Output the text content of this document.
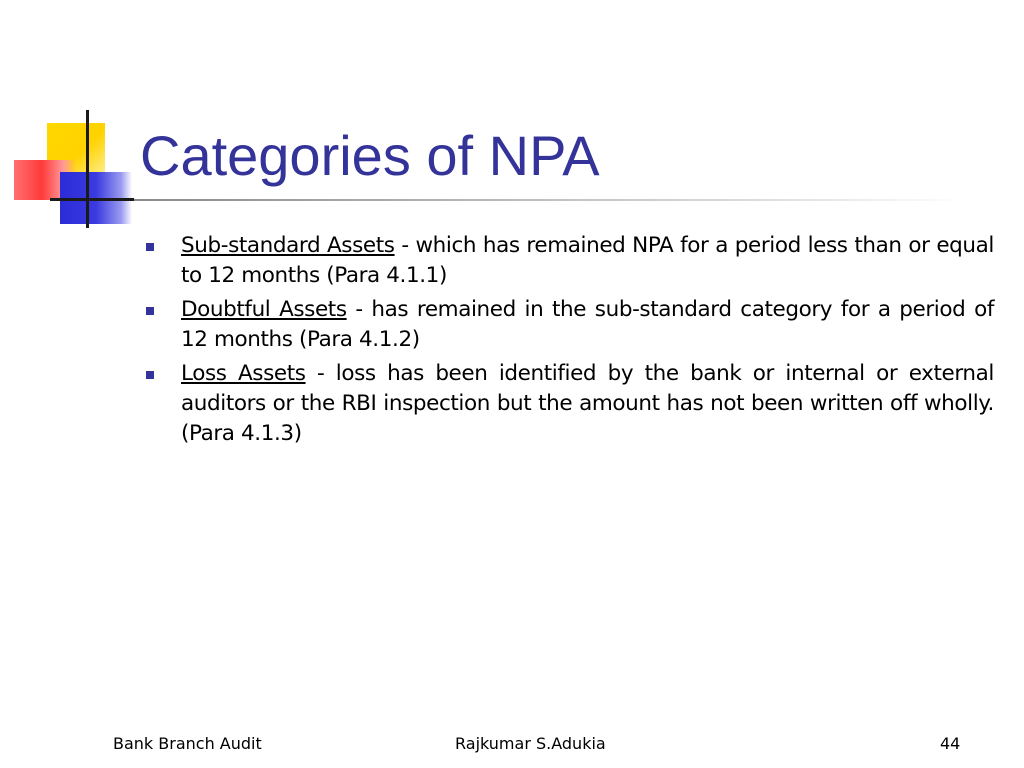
Categories of NPA
Sub-standard Assets - which has remained NPA for a period less than or equal to 12 months (Para 4.1.1)
Doubtful Assets - has remained in the sub-standard category for a period of 12 months (Para 4.1.2)
Loss Assets - loss has been identified by the bank or internal or external auditors or the RBI inspection but the amount has not been written off wholly. (Para 4.1.3)
Bank Branch Audit	Rajkumar S.Adukia	44
